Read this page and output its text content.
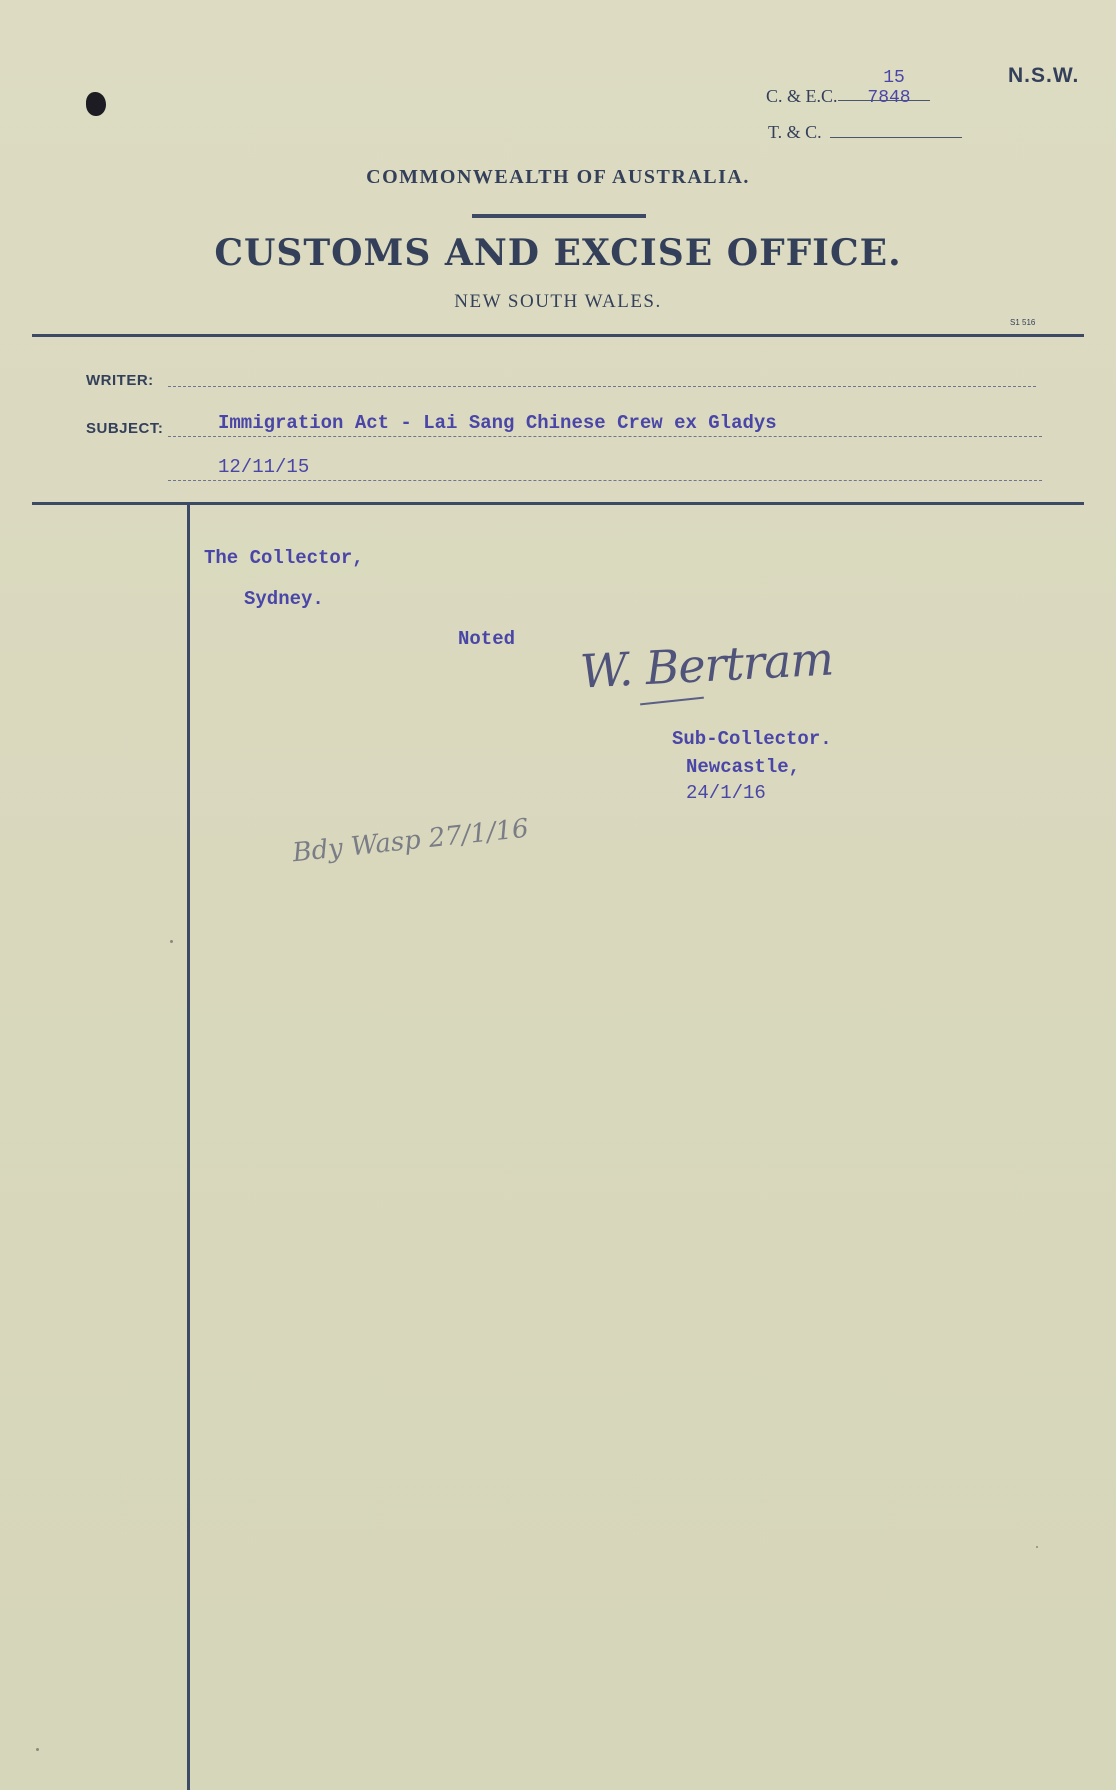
C. & E.C.
15
7848
N.S.W.
T. & C.
COMMONWEALTH OF AUSTRALIA.
CUSTOMS AND EXCISE OFFICE.
NEW SOUTH WALES.
S1 516
WRITER:
SUBJECT:	Immigration Act - Lai Sang Chinese Crew ex Gladys
12/11/15
The Collector,
Sydney.
Noted W. Bertram
Sub-Collector.
Newcastle,
24/1/16
Bdy Wasp 27/1/16
